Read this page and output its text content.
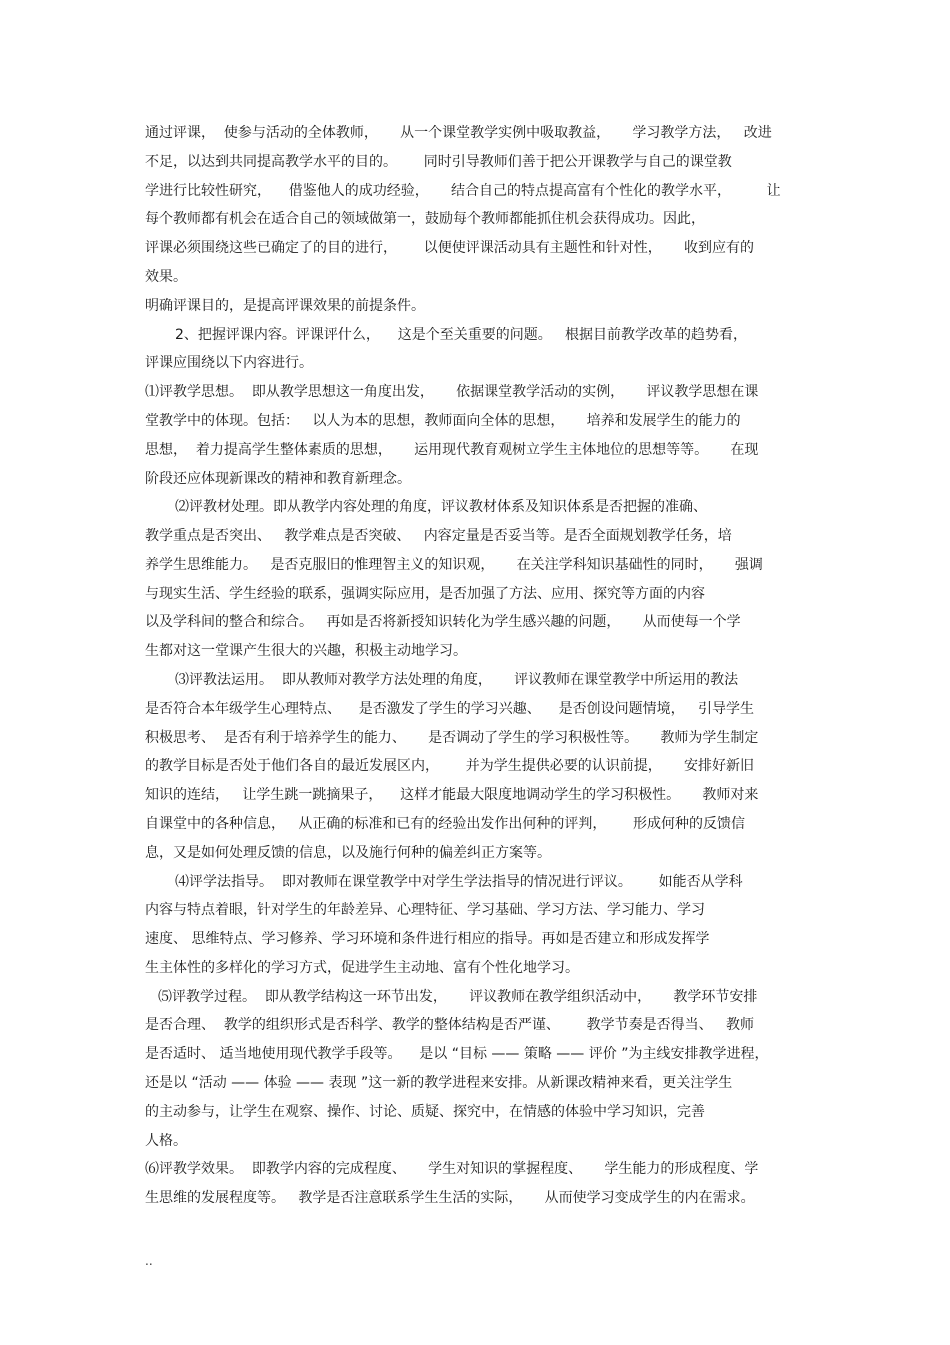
通过评课，  使参与活动的全体教师，     从一个课堂教学实例中吸取教益，     学习教学方法，   改进
不足，以达到共同提高教学水平的目的。      同时引导教师们善于把公开课教学与自己的课堂教
学进行比较性研究，    借鉴他人的成功经验，     结合自己的特点提高富有个性化的教学水平，        让
每个教师都有机会在适合自己的领域做第一，鼓励每个教师都能抓住机会获得成功。因此，
评课必须围绕这些已确定了的目的进行，      以便使评课活动具有主题性和针对性，     收到应有的
效果。
明确评课目的，是提高评课效果的前提条件。
2、把握评课内容。评课评什么，    这是个至关重要的问题。   根据目前教学改革的趋势看，
评课应围绕以下内容进行。
⑴评教学思想。  即从教学思想这一角度出发，     依据课堂教学活动的实例，     评议教学思想在课
堂教学中的体现。包括：   以人为本的思想，教师面向全体的思想，     培养和发展学生的能力的
思想，  着力提高学生整体素质的思想，     运用现代教育观树立学生主体地位的思想等等。     在现
阶段还应体现新课改的精神和教育新理念。
⑵评教材处理。即从教学内容处理的角度，评议教材体系及知识体系是否把握的准确、
教学重点是否突出、   教学难点是否突破、   内容定量是否妥当等。是否全面规划教学任务，培
养学生思维能力。   是否克服旧的惟理智主义的知识观，     在关注学科知识基础性的同时，     强调
与现实生活、学生经验的联系，强调实际应用，是否加强了方法、应用、探究等方面的内容
以及学科间的整合和综合。   再如是否将新授知识转化为学生感兴趣的问题，     从而使每一个学
生都对这一堂课产生很大的兴趣，积极主动地学习。
⑶评教法运用。  即从教师对教学方法处理的角度，     评议教师在课堂教学中所运用的教法
是否符合本年级学生心理特点、    是否激发了学生的学习兴趣、    是否创设问题情境，   引导学生
积极思考、  是否有利于培养学生的能力、     是否调动了学生的学习积极性等。     教师为学生制定
的教学目标是否处于他们各自的最近发展区内，      并为学生提供必要的认识前提，     安排好新旧
知识的连结，   让学生跳一跳摘果子，    这样才能最大限度地调动学生的学习积极性。     教师对来
自课堂中的各种信息，   从正确的标准和已有的经验出发作出何种的评判，      形成何种的反馈信
息，又是如何处理反馈的信息，以及施行何种的偏差纠正方案等。
⑷评学法指导。  即对教师在课堂教学中对学生学法指导的情况进行评议。      如能否从学科
内容与特点着眼，针对学生的年龄差异、心理特征、学习基础、学习方法、学习能力、学习
速度、 思维特点、学习修养、学习环境和条件进行相应的指导。再如是否建立和形成发挥学
生主体性的多样化的学习方式，促进学生主动地、富有个性化地学习。
⑸评教学过程。  即从教学结构这一环节出发，     评议教师在教学组织活动中，     教学环节安排
是否合理、  教学的组织形式是否科学、教学的整体结构是否严谨、      教学节奏是否得当、   教师
是否适时、 适当地使用现代教学手段等。    是以 “目标 —— 策略 —— 评价 ”为主线安排教学进程，
还是以 “活动 —— 体验 —— 表现 ”这一新的教学进程来安排。从新课改精神来看，更关注学生
的主动参与，让学生在观察、操作、讨论、质疑、探究中，在情感的体验中学习知识，完善
人格。
⑹评教学效果。  即教学内容的完成程度、     学生对知识的掌握程度、     学生能力的形成程度、学
生思维的发展程度等。   教学是否注意联系学生生活的实际，     从而使学习变成学生的内在需求。
..
